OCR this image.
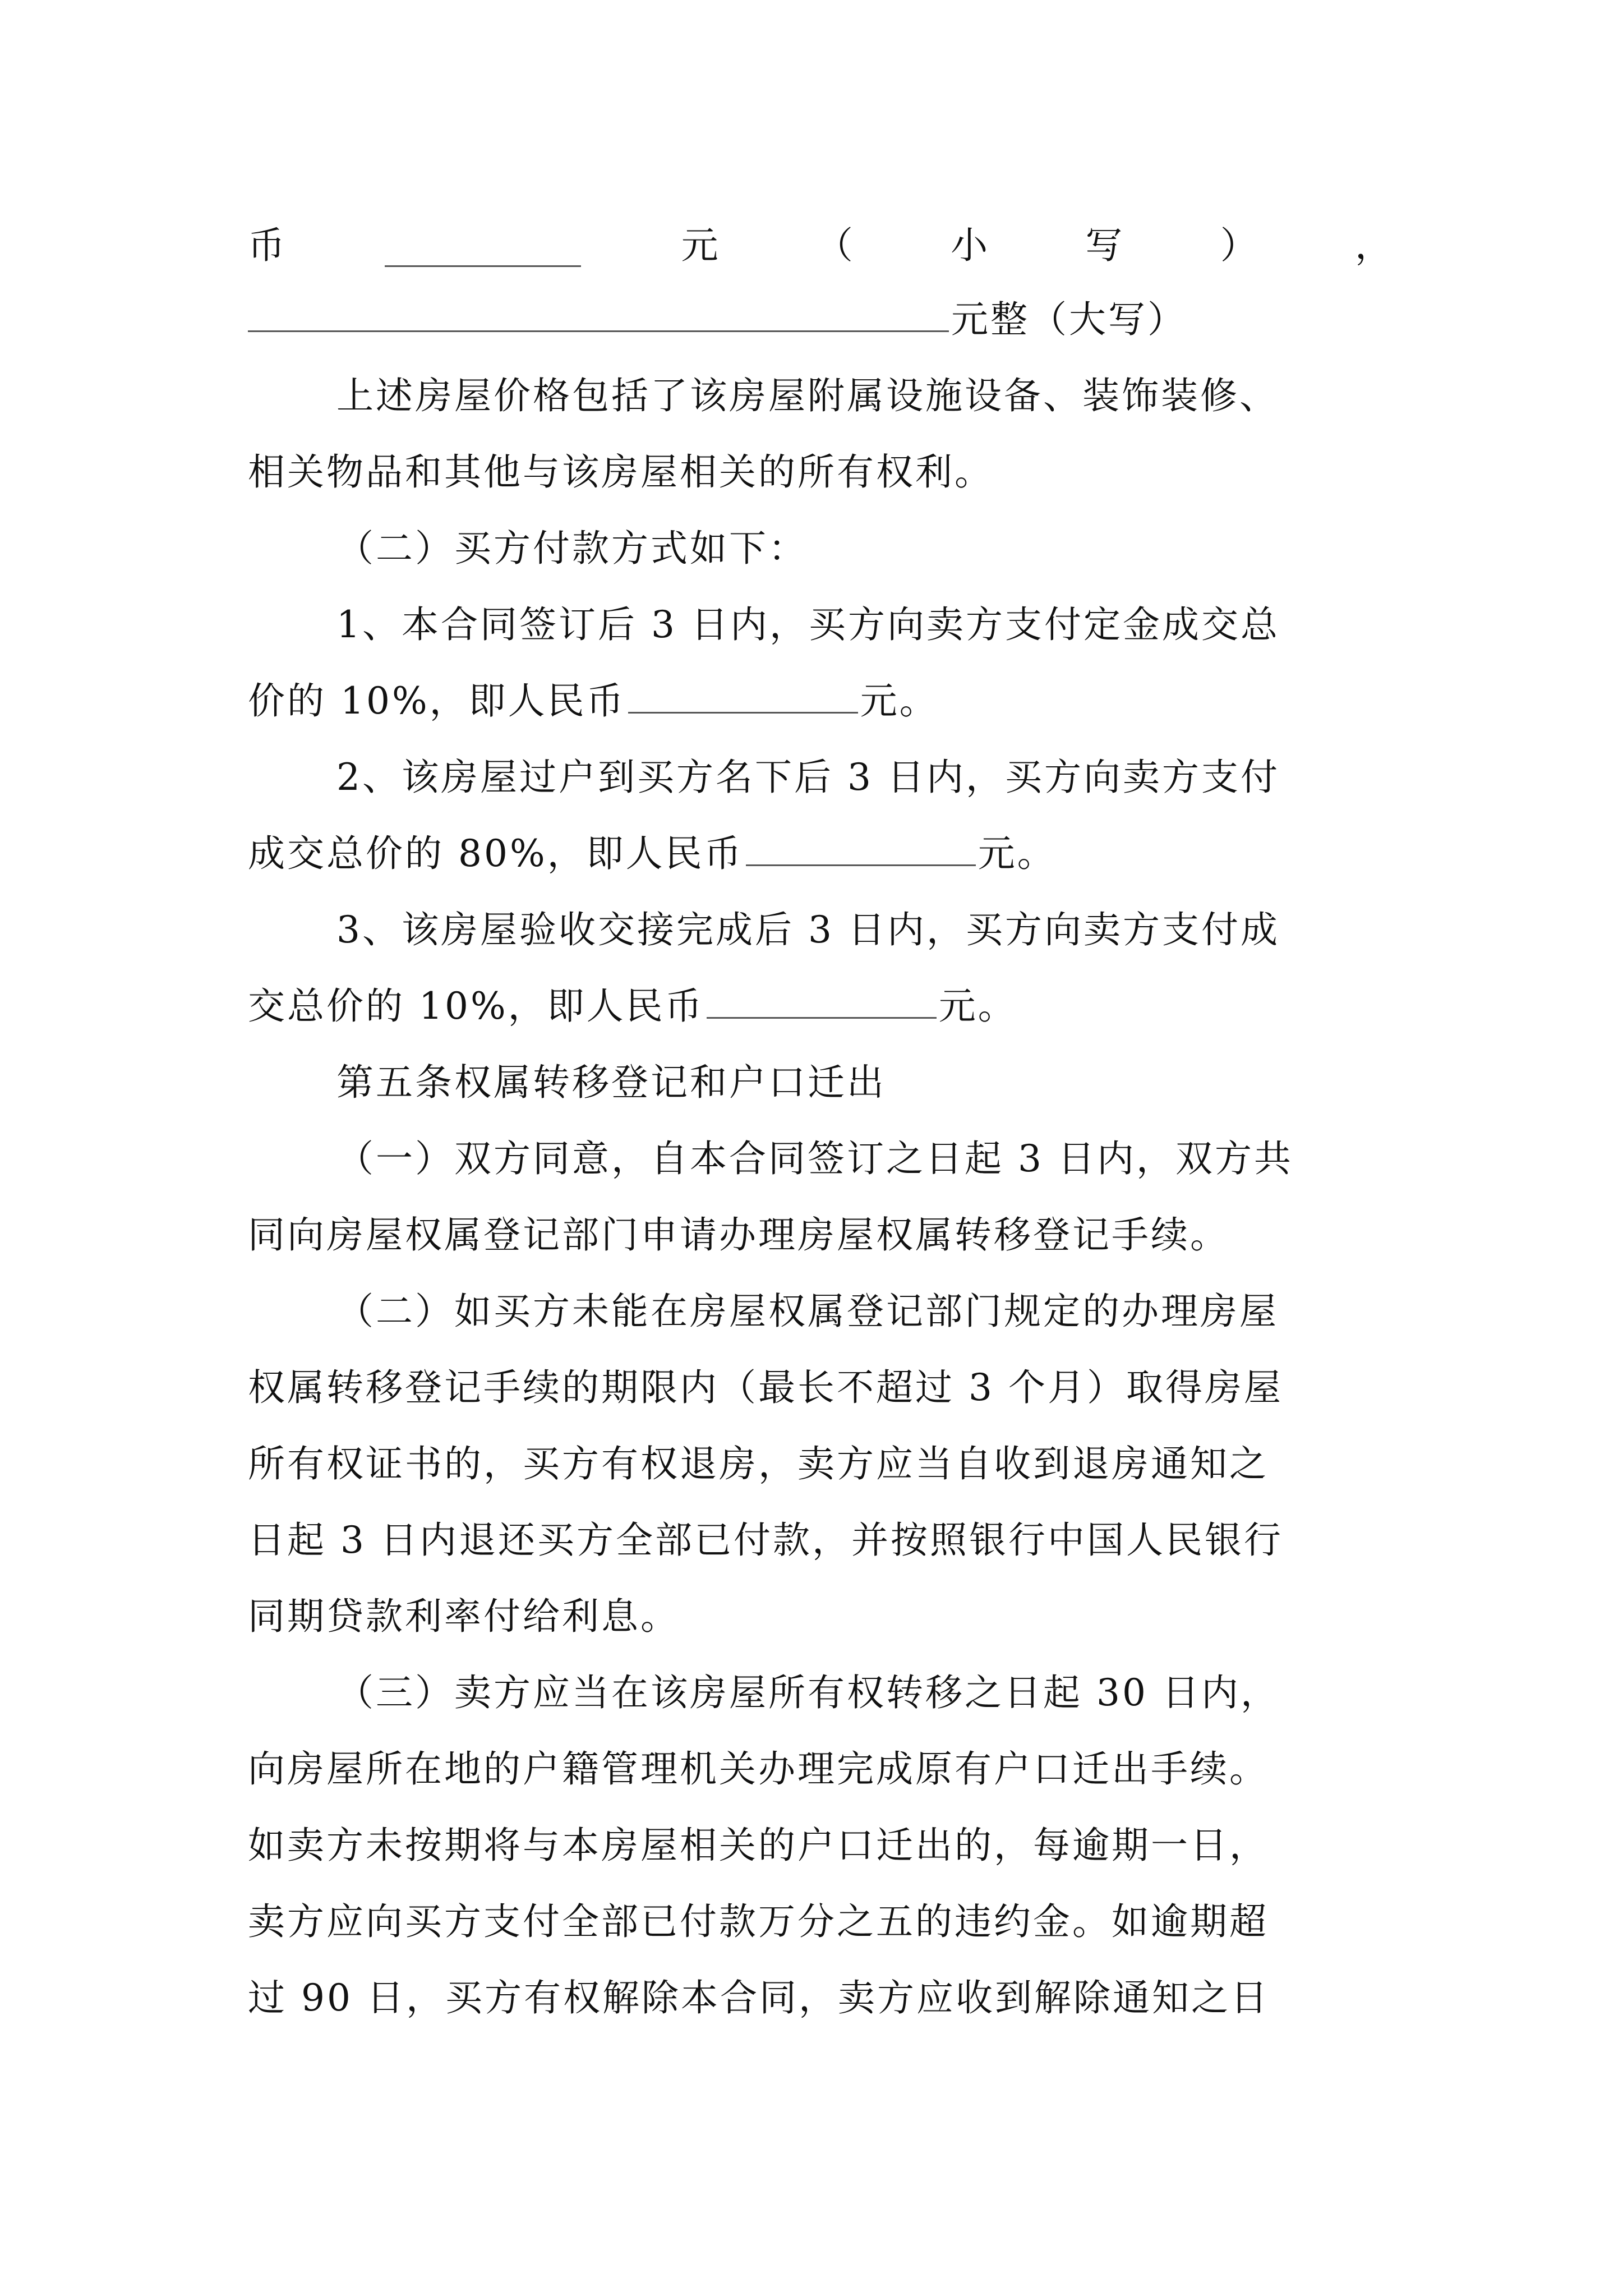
币	元	（	小	写	）	，
元整（大写）
上述房屋价格包括了该房屋附属设施设备、装饰装修、
相关物品和其他与该房屋相关的所有权利。
（二）买方付款方式如下：
1、本合同签订后 3 日内，买方向卖方支付定金成交总
价的 10%，即人民币	元。
2、该房屋过户到买方名下后 3 日内，买方向卖方支付
成交总价的 80%，即人民币	元。
3、该房屋验收交接完成后 3 日内，买方向卖方支付成
交总价的 10%，即人民币	元。
第五条权属转移登记和户口迁出
（一）双方同意，自本合同签订之日起 3 日内，双方共
同向房屋权属登记部门申请办理房屋权属转移登记手续。
（二）如买方未能在房屋权属登记部门规定的办理房屋
权属转移登记手续的期限内（最长不超过 3 个月）取得房屋
所有权证书的，买方有权退房，卖方应当自收到退房通知之
日起 3 日内退还买方全部已付款，并按照银行中国人民银行
同期贷款利率付给利息。
（三）卖方应当在该房屋所有权转移之日起 30 日内，
向房屋所在地的户籍管理机关办理完成原有户口迁出手续。
如卖方未按期将与本房屋相关的户口迁出的，每逾期一日，
卖方应向买方支付全部已付款万分之五的违约金。如逾期超
过 90 日，买方有权解除本合同，卖方应收到解除通知之日
